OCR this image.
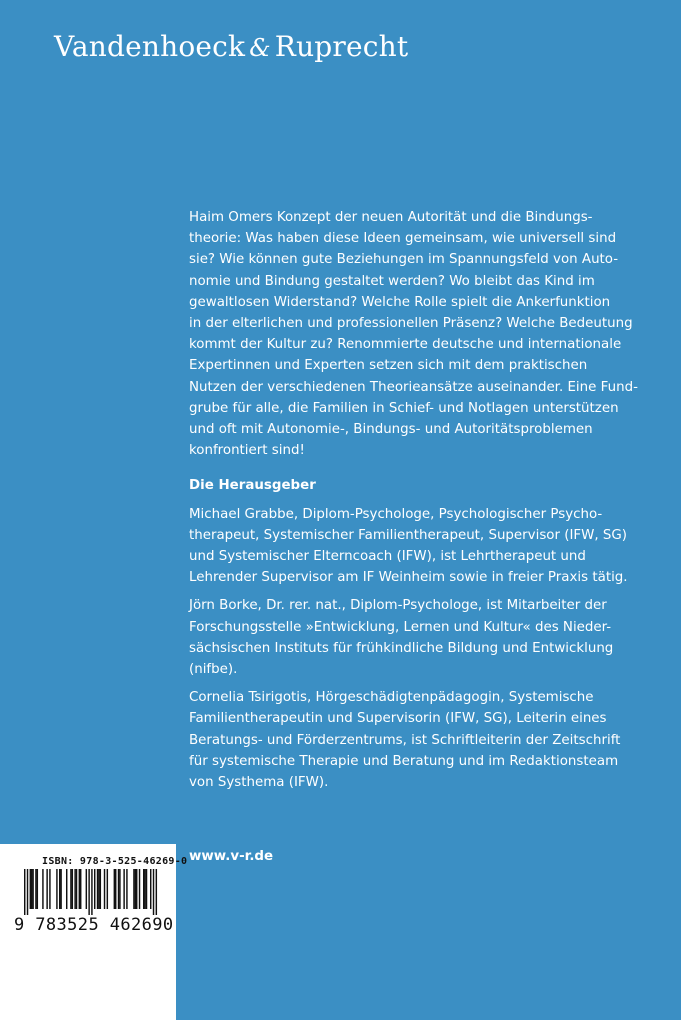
Vandenhoeck & Ruprecht

Haim Omers Konzept der neuen Autorität und die Bindungs-

theorie: Was haben diese Ideen gemeinsam, wie universell sind

sie? Wie können gute Beziehungen im Spannungsfeld von Auto-

nomie und Bindung gestaltet werden? Wo bleibt das Kind im

gewaltlosen Widerstand? Welche Rolle spielt die Ankerfunktion

in der elterlichen und professionellen Präsenz? Welche Bedeutung

kommt der Kultur zu? Renommierte deutsche und internationale

Expertinnen und Experten setzen sich mit dem praktischen

Nutzen der verschiedenen Theorieansätze auseinander. Eine Fund-

grube für alle, die Familien in Schief- und Notlagen unterstützen

und oft mit Autonomie-, Bindungs- und Autoritätsproblemen

konfrontiert sind!

Die Herausgeber

Michael Grabbe, Diplom-Psychologe, Psychologischer Psycho-

therapeut, Systemischer Familientherapeut, Supervisor (IFW, SG)

und Systemischer Elterncoach (IFW), ist Lehrtherapeut und

Lehrender Supervisor am IF Weinheim sowie in freier Praxis tätig.

Jörn Borke, Dr. rer. nat., Diplom-Psychologe, ist Mitarbeiter der

Forschungsstelle »Entwicklung, Lernen und Kultur« des Nieder-

sächsischen Instituts für frühkindliche Bildung und Entwicklung

(nifbe).

Cornelia Tsirigotis, Hörgeschädigtenpädagogin, Systemische

Familientherapeutin und Supervisorin (IFW, SG), Leiterin eines

Beratungs- und Förderzentrums, ist Schriftleiterin der Zeitschrift

für systemische Therapie und Beratung und im Redaktionsteam

von Systhema (IFW).

www.v-r.de
ISBN: 978-3-525-46269-0
9 783525 462690
